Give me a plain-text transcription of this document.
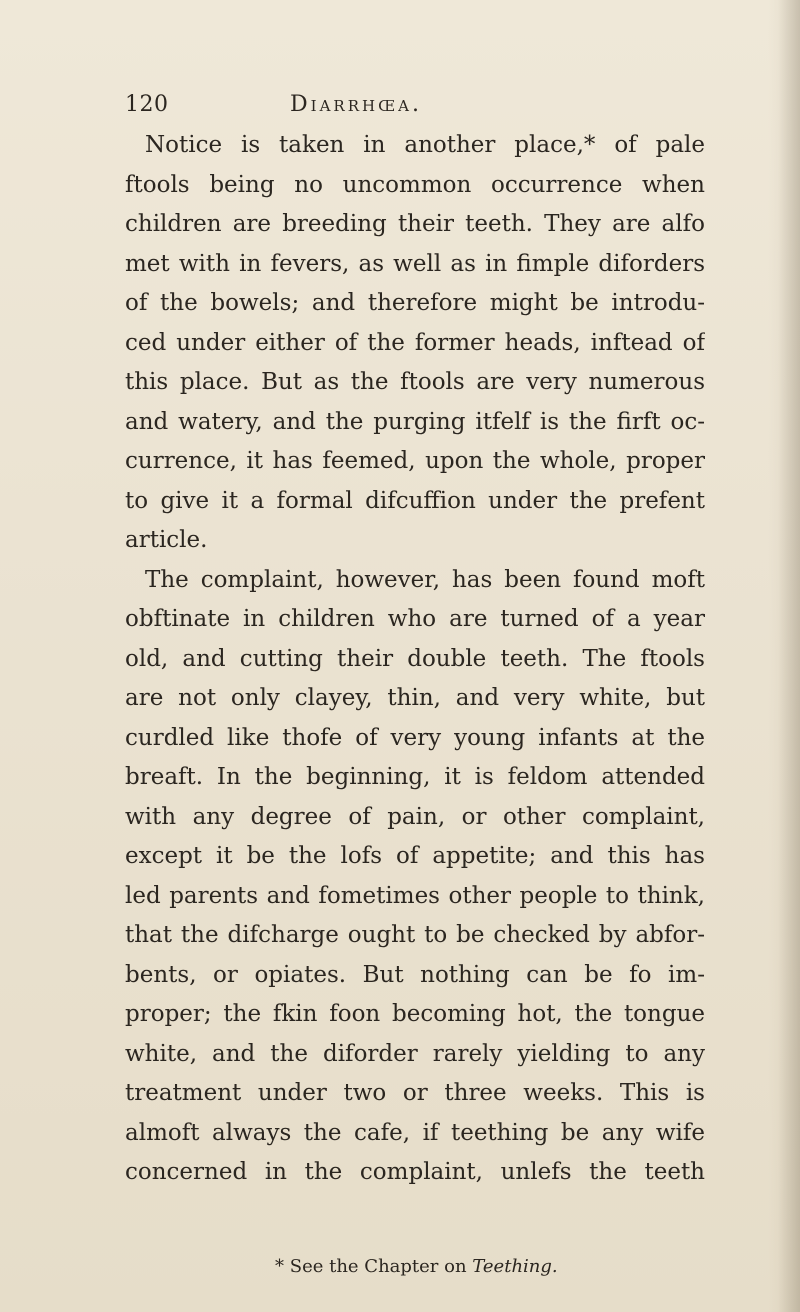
120	Diarrhœa.
Notice is taken in another place,* of pale
ftools being no uncommon occurrence when
children are breeding their teeth. They are alfo
met with in fevers, as well as in fimple diforders
of the bowels; and therefore might be introdu-
ced under either of the former heads, inftead of
this place. But as the ftools are very numerous
and watery, and the purging itfelf is the firft oc-
currence, it has feemed, upon the whole, proper
to give it a formal difcuffion under the prefent
article.
The complaint, however, has been found moft
obftinate in children who are turned of a year
old, and cutting their double teeth. The ftools
are not only clayey, thin, and very white, but
curdled like thofe of very young infants at the
breaft. In the beginning, it is feldom attended
with any degree of pain, or other complaint,
except it be the lofs of appetite; and this has
led parents and fometimes other people to think,
that the difcharge ought to be checked by abfor-
bents, or opiates. But nothing can be fo im-
proper; the fkin foon becoming hot, the tongue
white, and the diforder rarely yielding to any
treatment under two or three weeks. This is
almoft always the cafe, if teething be any wife
concerned in the complaint, unlefs the teeth
* See the Chapter on Teething.
